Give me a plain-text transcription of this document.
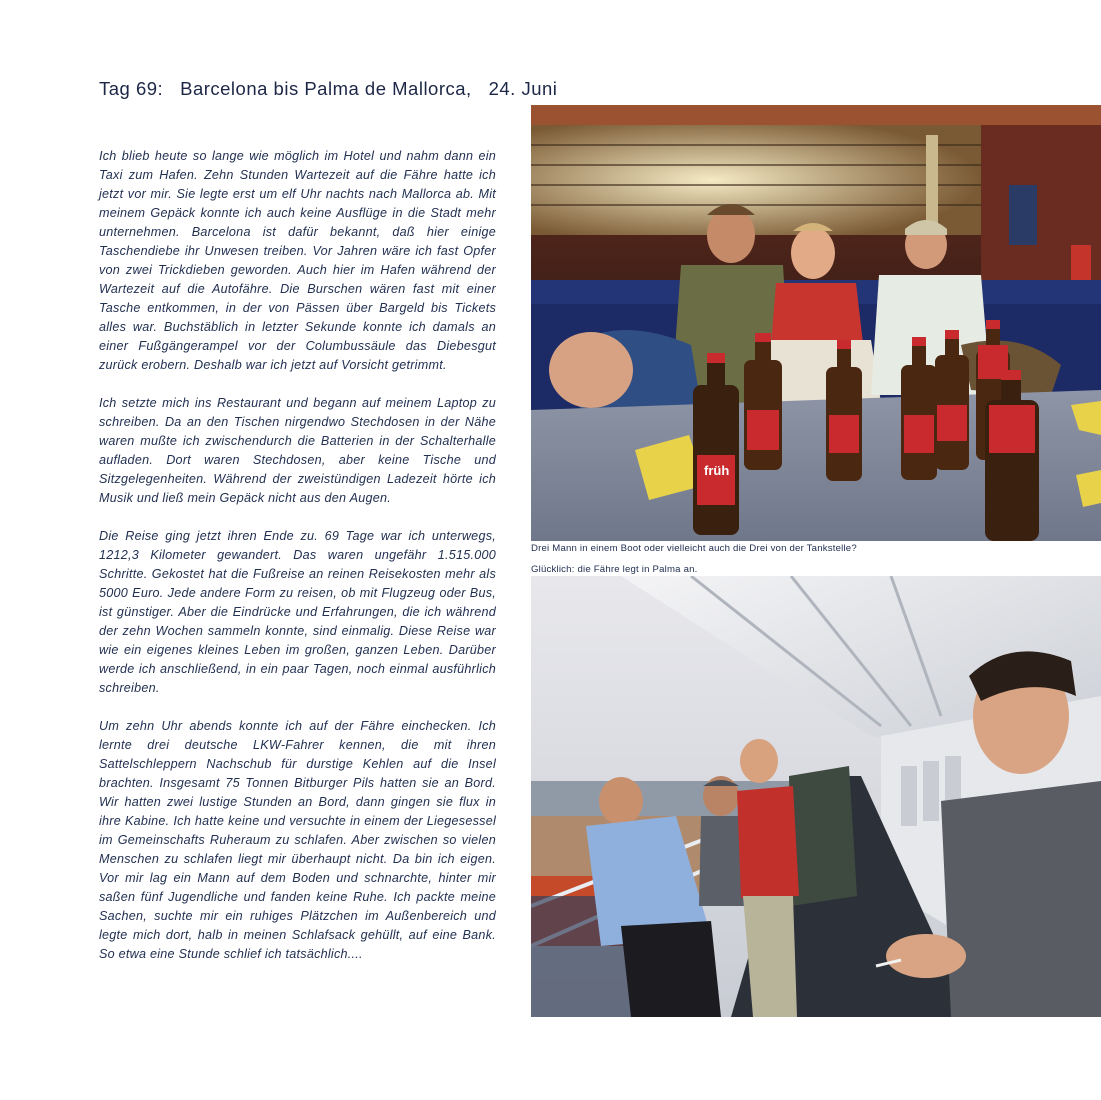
Tag 69:   Barcelona bis Palma de Mallorca,   24. Juni

Ich blieb heute so lange wie möglich im Hotel und nahm dann ein Taxi zum Hafen. Zehn Stunden Wartezeit auf die Fähre hatte ich jetzt vor mir. Sie legte erst um elf Uhr nachts nach Mallorca ab. Mit meinem Gepäck konnte ich auch keine Ausflüge in die Stadt mehr unternehmen. Barcelona ist dafür bekannt, daß hier einige Taschendiebe ihr Unwesen treiben. Vor Jahren wäre ich fast Opfer von zwei Trickdieben geworden. Auch hier im Hafen während der Wartezeit auf die Autofähre. Die Burschen wären fast mit einer Tasche entkommen, in der von Pässen über Bargeld bis Tickets alles war. Buchstäblich in letzter Sekunde konnte ich damals an einer Fußgängerampel vor der Columbussäule das Diebesgut zurück erobern. Deshalb war ich jetzt auf Vorsicht getrimmt.

Ich setzte mich ins Restaurant und begann auf meinem Laptop zu schreiben. Da an den Tischen nirgendwo Stechdosen in der Nähe waren mußte ich zwischendurch die Batterien in der Schalterhalle aufladen. Dort waren Stechdosen, aber keine Tische und Sitzgelegenheiten. Während der zweistündigen Ladezeit hörte ich Musik und ließ mein Gepäck nicht aus den Augen.

Die Reise ging jetzt ihren Ende zu. 69 Tage war ich unterwegs, 1212,3 Kilometer gewandert. Das waren ungefähr 1.515.000 Schritte. Gekostet hat die Fußreise an reinen Reisekosten mehr als 5000 Euro. Jede andere Form zu reisen, ob mit Flugzeug oder Bus, ist günstiger. Aber die Eindrücke und Erfahrungen, die ich während der zehn Wochen sammeln konnte, sind einmalig. Diese Reise war wie ein eigenes kleines Leben im großen, ganzen Leben. Darüber werde ich anschließend, in ein paar Tagen, noch einmal ausführlich schreiben.

Um zehn Uhr abends konnte ich auf der Fähre einchecken. Ich lernte drei deutsche LKW-Fahrer kennen, die mit ihren Sattelschleppern Nachschub für durstige Kehlen auf die Insel brachten. Insgesamt 75 Tonnen Bitburger Pils hatten sie an Bord. Wir hatten zwei lustige Stunden an Bord, dann gingen sie flux in ihre Kabine. Ich hatte keine und versuchte in einem der Liegesessel im Gemeinschafts Ruheraum zu schlafen. Aber zwischen so vielen Menschen zu schlafen liegt mir überhaupt nicht. Da bin ich eigen. Vor mir lag ein Mann auf dem Boden und schnarchte, hinter mir saßen fünf Jugendliche und fanden keine Ruhe. Ich packte meine Sachen, suchte mir ein ruhiges Plätzchen im Außenbereich und legte mich dort, halb in meinen Schlafsack gehüllt, auf eine Bank. So etwa eine Stunde schlief ich tatsächlich....

früh

Drei Mann in einem Boot oder vielleicht auch die Drei von der Tankstelle?

Glücklich: die Fähre legt in Palma an.
